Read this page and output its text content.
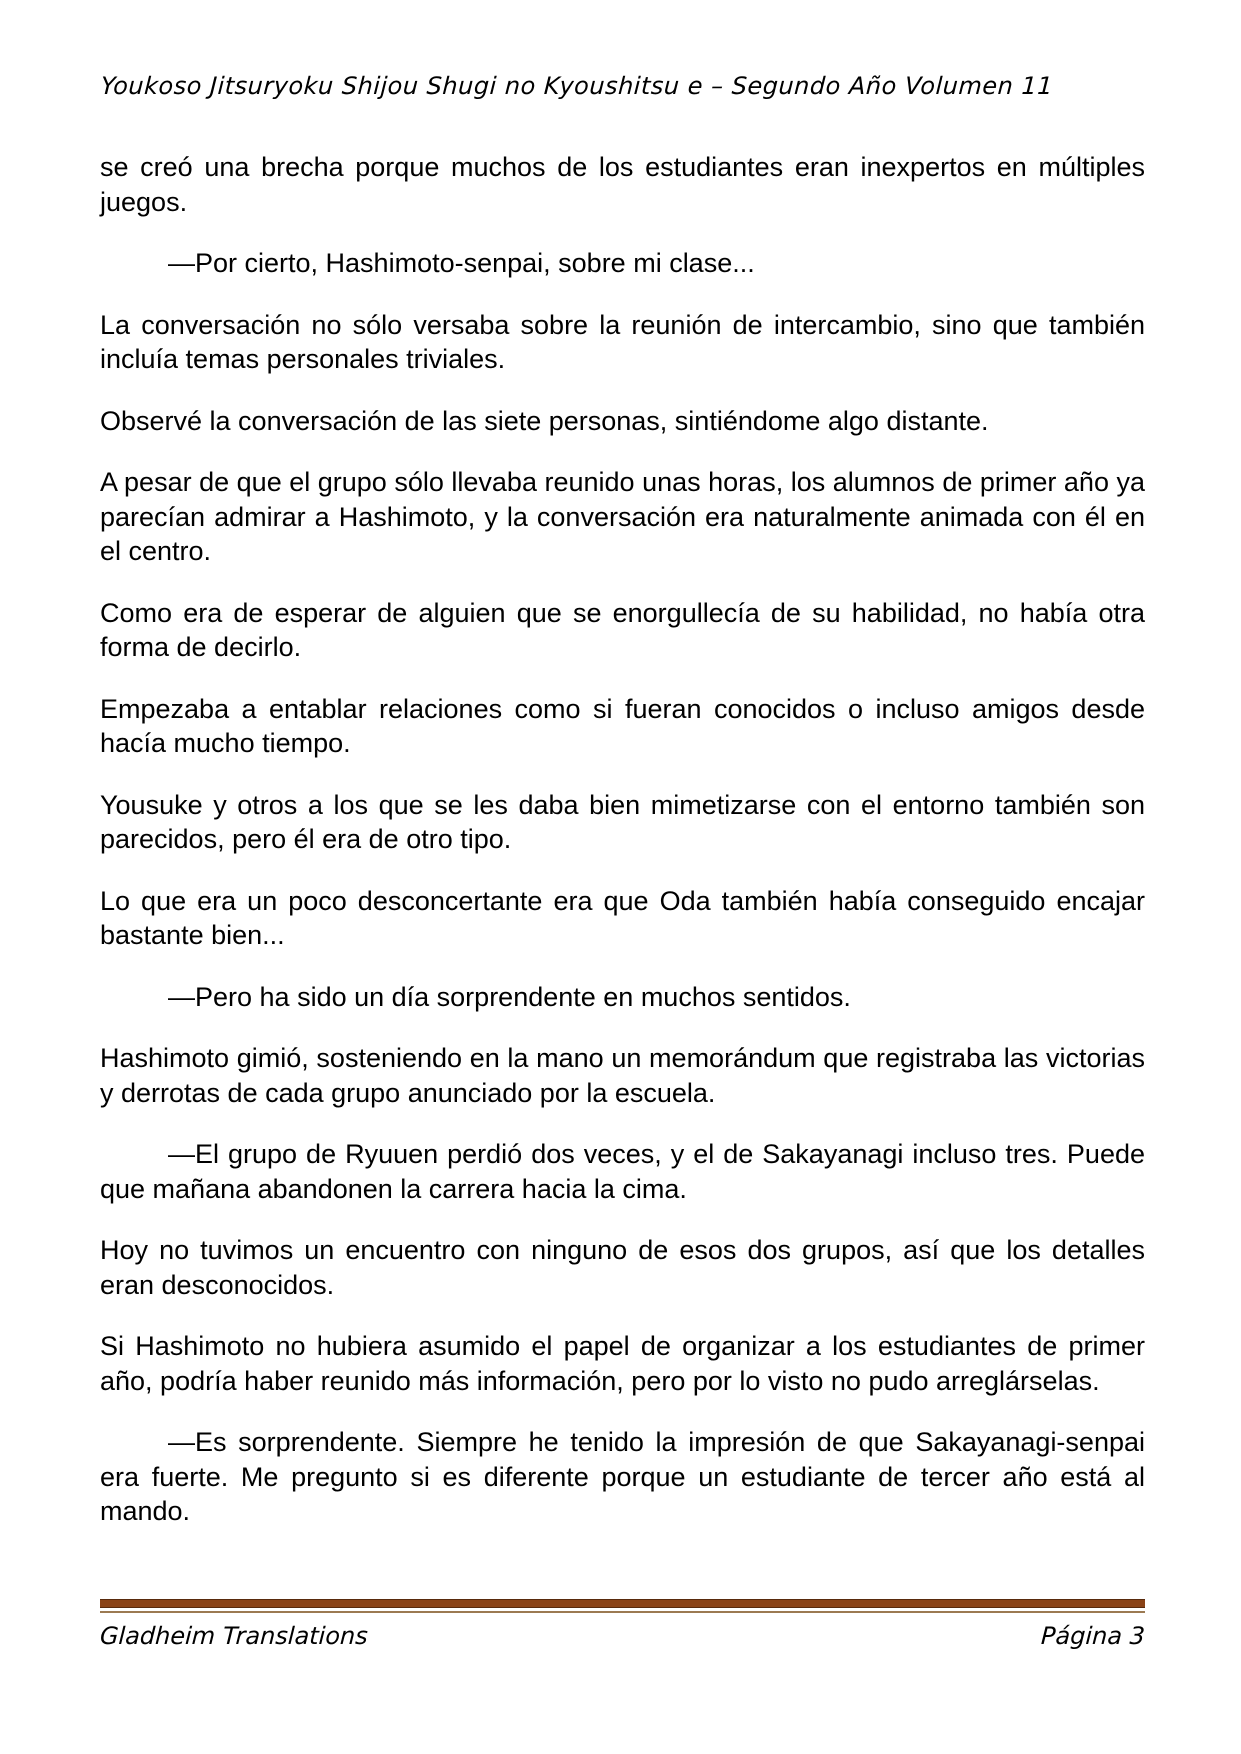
Youkoso Jitsuryoku Shijou Shugi no Kyoushitsu e – Segundo Año Volumen 11

se creó una brecha porque muchos de los estudiantes eran inexpertos en múltiples juegos.

—Por cierto, Hashimoto-senpai, sobre mi clase...

La conversación no sólo versaba sobre la reunión de intercambio, sino que también incluía temas personales triviales.

Observé la conversación de las siete personas, sintiéndome algo distante.

A pesar de que el grupo sólo llevaba reunido unas horas, los alumnos de primer año ya parecían admirar a Hashimoto, y la conversación era naturalmente animada con él en el centro.

Como era de esperar de alguien que se enorgullecía de su habilidad, no había otra forma de decirlo.

Empezaba a entablar relaciones como si fueran conocidos o incluso amigos desde hacía mucho tiempo.

Yousuke y otros a los que se les daba bien mimetizarse con el entorno también son parecidos, pero él era de otro tipo.

Lo que era un poco desconcertante era que Oda también había conseguido encajar bastante bien...

—Pero ha sido un día sorprendente en muchos sentidos.

Hashimoto gimió, sosteniendo en la mano un memorándum que registraba las victorias y derrotas de cada grupo anunciado por la escuela.

—El grupo de Ryuuen perdió dos veces, y el de Sakayanagi incluso tres. Puede que mañana abandonen la carrera hacia la cima.

Hoy no tuvimos un encuentro con ninguno de esos dos grupos, así que los detalles eran desconocidos.

Si Hashimoto no hubiera asumido el papel de organizar a los estudiantes de primer año, podría haber reunido más información, pero por lo visto no pudo arreglárselas.

—Es sorprendente. Siempre he tenido la impresión de que Sakayanagi-senpai era fuerte. Me pregunto si es diferente porque un estudiante de tercer año está al mando.

Gladheim Translations	Página 3
